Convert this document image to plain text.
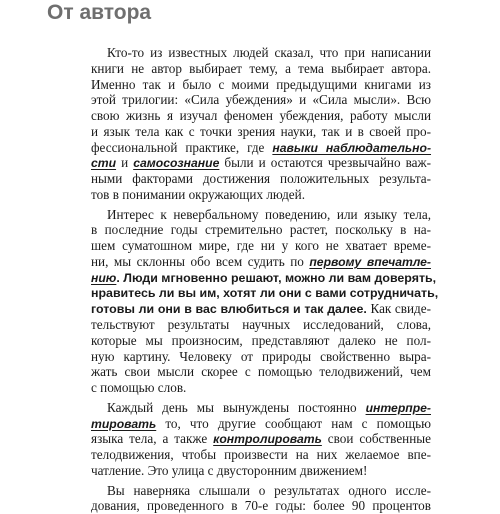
От автора
Кто-то из известных людей сказал, что при написании
книги не автор выбирает тему, а тема выбирает автора.
Именно так и было с моими предыдущими книгами из
этой трилогии: «Сила убеждения» и «Сила мысли». Всю
свою жизнь я изучал феномен убеждения, работу мысли
и язык тела как с точки зрения науки, так и в своей про-
фессиональной практике, где навыки наблюдательно-
сти и самосознание были и остаются чрезвычайно важ-
ными факторами достижения положительных результа-
тов в понимании окружающих людей.
Интерес к невербальному поведению, или языку тела,
в последние годы стремительно растет, поскольку в на-
шем суматошном мире, где ни у кого не хватает време-
ни, мы склонны обо всем судить по первому впечатле-
нию. Люди мгновенно решают, можно ли вам доверять,
нравитесь ли вы им, хотят ли они с вами сотрудничать,
готовы ли они в вас влюбиться и так далее. Как свиде-
тельствуют результаты научных исследований, слова,
которые мы произносим, представляют далеко не пол-
ную картину. Человеку от природы свойственно выра-
жать свои мысли скорее с помощью телодвижений, чем
с помощью слов.
Каждый день мы вынуждены постоянно интерпре-
тировать то, что другие сообщают нам с помощью
языка тела, а также контролировать свои собственные
телодвижения, чтобы произвести на них желаемое впе-
чатление. Это улица с двусторонним движением!
Вы наверняка слышали о результатах одного иссле-
дования, проведенного в 70-е годы: более 90 процентов
